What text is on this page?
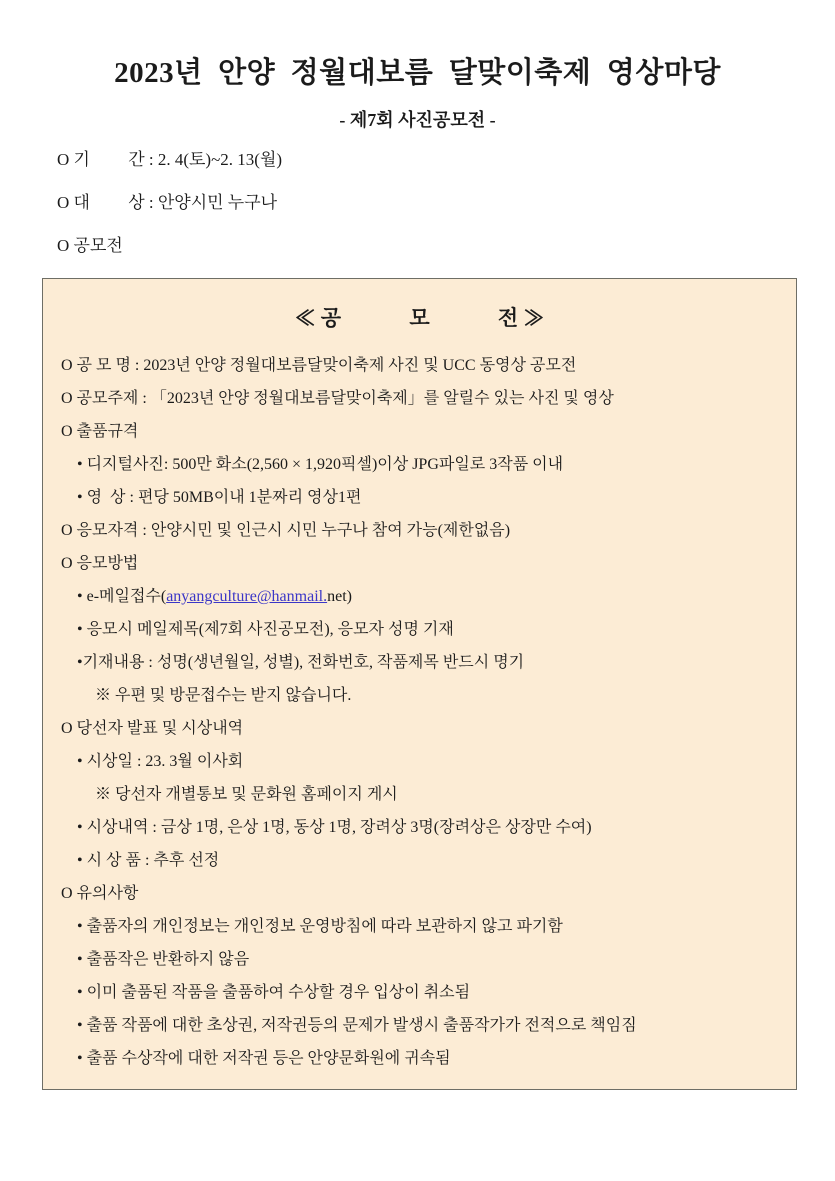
2023년  안양  정월대보름  달맞이축제  영상마당
- 제7회 사진공모전 -
O 기　　 간 : 2. 4(토)~2. 13(월)
O 대　　 상 : 안양시민 누구나
O 공모전
≪ 공　　　 모　　　 전 ≫
O 공 모 명 : 2023년 안양 정월대보름달맞이축제 사진 및 UCC 동영상 공모전
O 공모주제 : 「2023년 안양 정월대보름달맞이축제」를 알릴수 있는 사진 및 영상
O 출품규격
• 디지털사진: 500만 화소(2,560 × 1,920픽셀)이상 JPG파일로 3작품 이내
• 영  상 : 편당 50MB이내 1분짜리 영상1편
O 응모자격 : 안양시민 및 인근시 시민 누구나 참여 가능(제한없음)
O 응모방법
• e-메일접수(anyangculture@hanmail.net)
• 응모시 메일제목(제7회 사진공모전), 응모자 성명 기재
•기재내용 : 성명(생년월일, 성별), 전화번호, 작품제목 반드시 명기
※ 우편 및 방문접수는 받지 않습니다.
O 당선자 발표 및 시상내역
• 시상일 : 23. 3월 이사회
※ 당선자 개별통보 및 문화원 홈페이지 게시
• 시상내역 : 금상 1명, 은상 1명, 동상 1명, 장려상 3명(장려상은 상장만 수여)
• 시 상 품 : 추후 선정
O 유의사항
• 출품자의 개인정보는 개인정보 운영방침에 따라 보관하지 않고 파기함
• 출품작은 반환하지 않음
• 이미 출품된 작품을 출품하여 수상할 경우 입상이 취소됨
• 출품 작품에 대한 초상권, 저작권등의 문제가 발생시 출품작가가 전적으로 책임짐
• 출품 수상작에 대한 저작권 등은 안양문화원에 귀속됨
